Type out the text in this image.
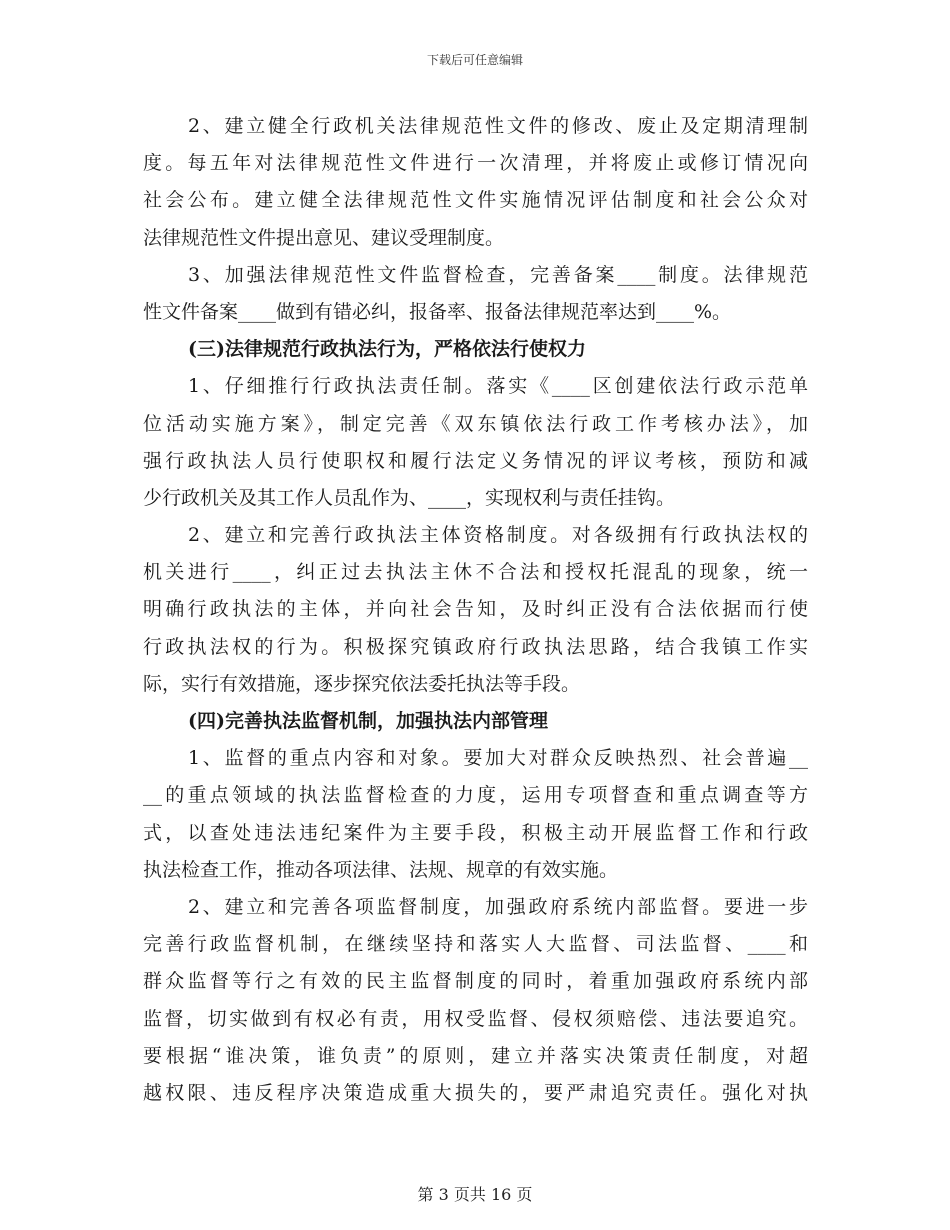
下载后可任意编辑
2、建立健全行政机关法律规范性文件的修改、废止及定期清理制
度。每五年对法律规范性文件进行一次清理，并将废止或修订情况向
社会公布。建立健全法律规范性文件实施情况评估制度和社会公众对
法律规范性文件提出意见、建议受理制度。
3、加强法律规范性文件监督检查，完善备案____制度。法律规范
性文件备案____做到有错必纠，报备率、报备法律规范率达到____%。
(三)法律规范行政执法行为，严格依法行使权力
1、仔细推行行政执法责任制。落实《____区创建依法行政示范单
位活动实施方案》，制定完善《双东镇依法行政工作考核办法》，加
强行政执法人员行使职权和履行法定义务情况的评议考核，预防和减
少行政机关及其工作人员乱作为、____，实现权利与责任挂钩。
2、建立和完善行政执法主体资格制度。对各级拥有行政执法权的
机关进行____，纠正过去执法主休不合法和授权托混乱的现象，统一
明确行政执法的主体，并向社会告知，及时纠正没有合法依据而行使
行政执法权的行为。积极探究镇政府行政执法思路，结合我镇工作实
际，实行有效措施，逐步探究依法委托执法等手段。
(四)完善执法监督机制，加强执法内部管理
1、监督的重点内容和对象。要加大对群众反映热烈、社会普遍__
__的重点领域的执法监督检查的力度，运用专项督查和重点调查等方
式，以查处违法违纪案件为主要手段，积极主动开展监督工作和行政
执法检查工作，推动各项法律、法规、规章的有效实施。
2、建立和完善各项监督制度，加强政府系统内部监督。要进一步
完善行政监督机制，在继续坚持和落实人大监督、司法监督、____和
群众监督等行之有效的民主监督制度的同时，着重加强政府系统内部
监督，切实做到有权必有责，用权受监督、侵权须赔偿、违法要追究。
要根据“谁决策，谁负责”的原则，建立并落实决策责任制度，对超
越权限、违反程序决策造成重大损失的，要严肃追究责任。强化对执
第 3 页共 16 页
